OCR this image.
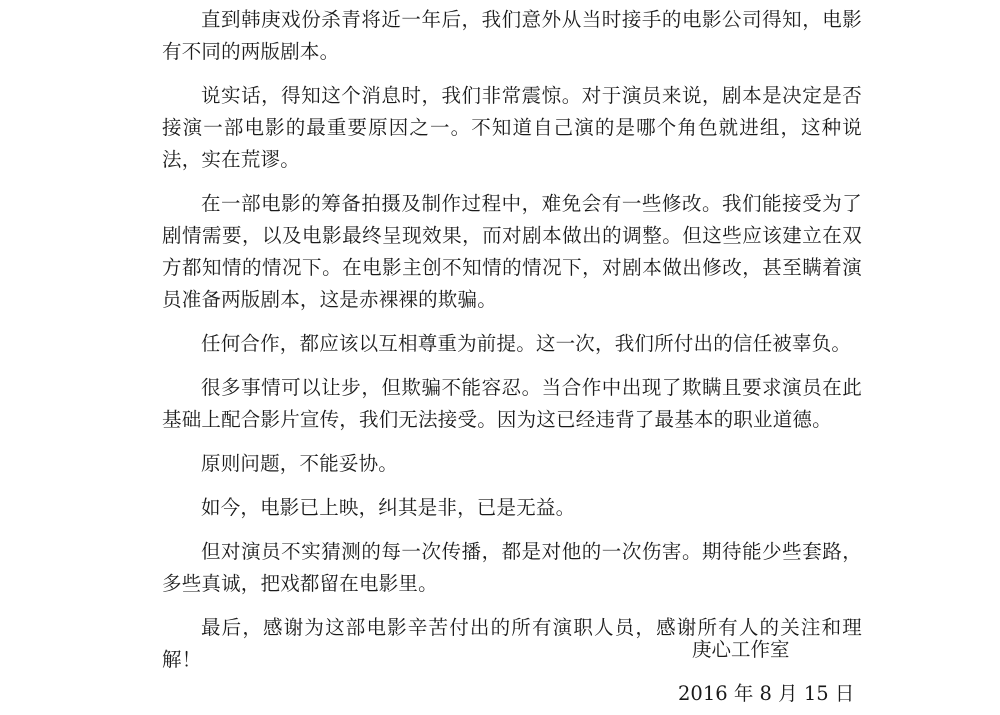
直到韩庚戏份杀青将近一年后，我们意外从当时接手的电影公司得知，电影有不同的两版剧本。

说实话，得知这个消息时，我们非常震惊。对于演员来说，剧本是决定是否接演一部电影的最重要原因之一。不知道自己演的是哪个角色就进组，这种说法，实在荒谬。

在一部电影的筹备拍摄及制作过程中，难免会有一些修改。我们能接受为了剧情需要，以及电影最终呈现效果，而对剧本做出的调整。但这些应该建立在双方都知情的情况下。在电影主创不知情的情况下，对剧本做出修改，甚至瞒着演员准备两版剧本，这是赤裸裸的欺骗。

任何合作，都应该以互相尊重为前提。这一次，我们所付出的信任被辜负。

很多事情可以让步，但欺骗不能容忍。当合作中出现了欺瞒且要求演员在此基础上配合影片宣传，我们无法接受。因为这已经违背了最基本的职业道德。

原则问题，不能妥协。

如今，电影已上映，纠其是非，已是无益。

但对演员不实猜测的每一次传播，都是对他的一次伤害。期待能少些套路，多些真诚，把戏都留在电影里。

最后，感谢为这部电影辛苦付出的所有演职人员，感谢所有人的关注和理解！	庚心工作室
2016 年 8 月 15 日
